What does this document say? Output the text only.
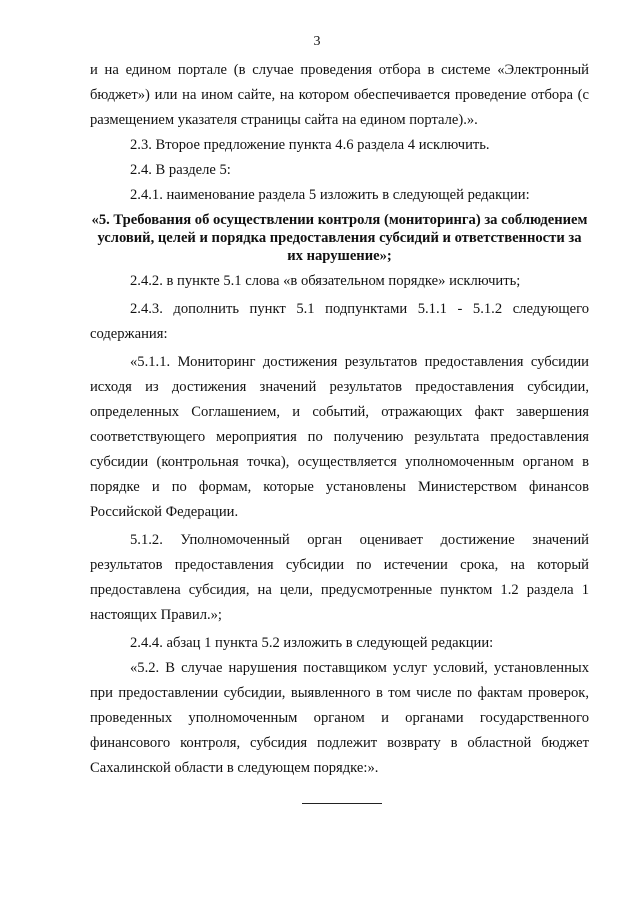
3

и на едином портале (в случае проведения отбора в системе «Электронный бюджет») или на ином сайте, на котором обеспечивается проведение отбора (с размещением указателя страницы сайта на едином портале).».

2.3. Второе предложение пункта 4.6 раздела 4 исключить.

2.4. В разделе 5:

2.4.1. наименование раздела 5 изложить в следующей редакции:

«5. Требования об осуществлении контроля (мониторинга) за соблюдением условий, целей и порядка предоставления субсидий и ответственности за их нарушение»;

2.4.2. в пункте 5.1 слова «в обязательном порядке» исключить;

2.4.3. дополнить пункт 5.1 подпунктами 5.1.1 - 5.1.2 следующего содержания:

«5.1.1. Мониторинг достижения результатов предоставления субсидии исходя из достижения значений результатов предоставления субсидии, определенных Соглашением, и событий, отражающих факт завершения соответствующего мероприятия по получению результата предоставления субсидии (контрольная точка), осуществляется уполномоченным органом в порядке и по формам, которые установлены Министерством финансов Российской Федерации.

5.1.2. Уполномоченный орган оценивает достижение значений результатов предоставления субсидии по истечении срока, на который предоставлена субсидия, на цели, предусмотренные пунктом 1.2 раздела 1 настоящих Правил.»;

2.4.4. абзац 1 пункта 5.2 изложить в следующей редакции:

«5.2. В случае нарушения поставщиком услуг условий, установленных при предоставлении субсидии, выявленного в том числе по фактам проверок, проведенных уполномоченным органом и органами государственного финансового контроля, субсидия подлежит возврату в областной бюджет Сахалинской области в следующем порядке:».
